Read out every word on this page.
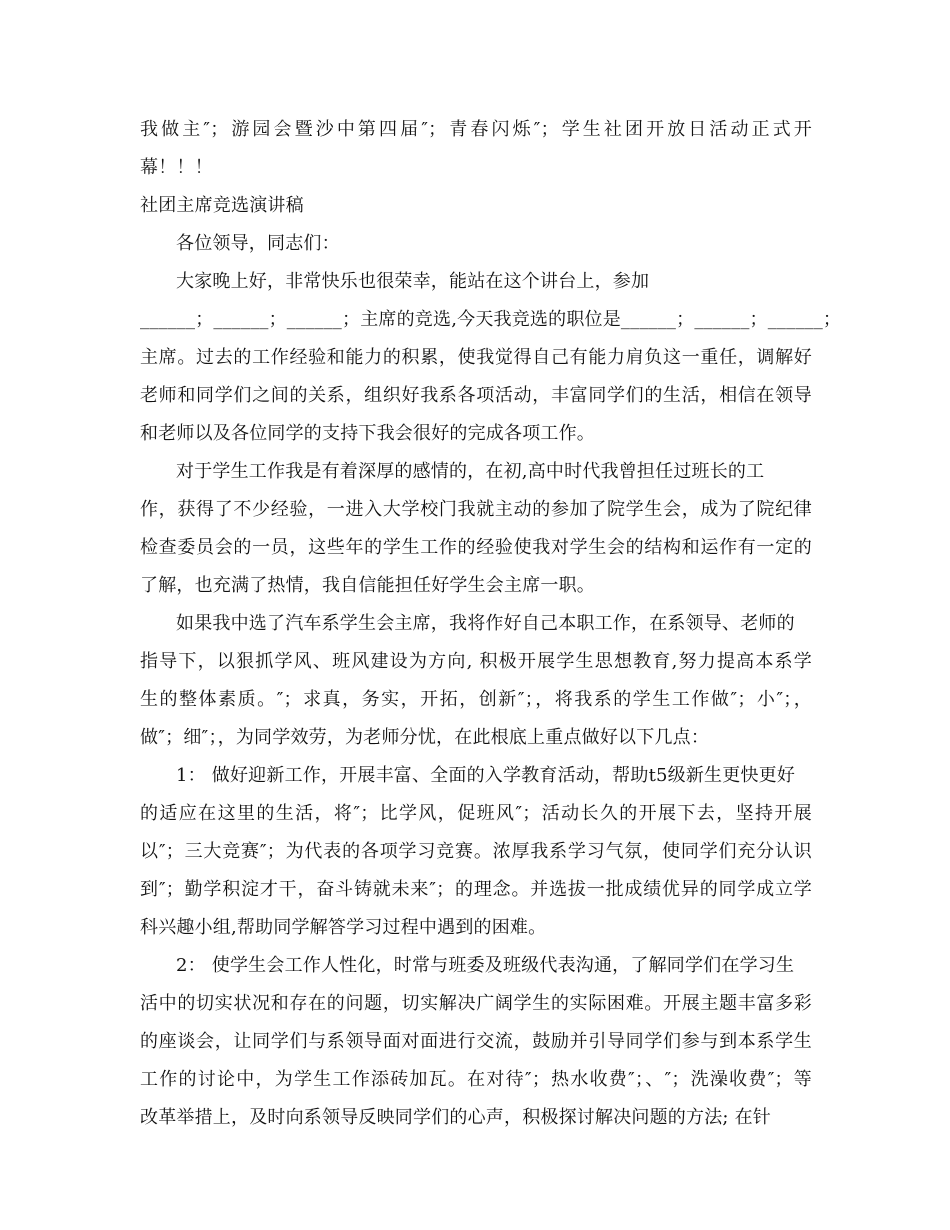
我做主″；游园会暨沙中第四届″；青春闪烁″；学生社团开放日活动正式开
幕！！！
社团主席竞选演讲稿
各位领导，同志们：
大家晚上好，非常快乐也很荣幸，能站在这个讲台上，参加
______；______；______；主席的竞选,今天我竞选的职位是______；______；______；
主席。过去的工作经验和能力的积累，使我觉得自己有能力肩负这一重任，调解好
老师和同学们之间的关系，组织好我系各项活动，丰富同学们的生活，相信在领导
和老师以及各位同学的支持下我会很好的完成各项工作。
对于学生工作我是有着深厚的感情的，在初,高中时代我曾担任过班长的工
作，获得了不少经验，一进入大学校门我就主动的参加了院学生会，成为了院纪律
检查委员会的一员，这些年的学生工作的经验使我对学生会的结构和运作有一定的
了解，也充满了热情，我自信能担任好学生会主席一职。
如果我中选了汽车系学生会主席，我将作好自己本职工作，在系领导、老师的
指导下，以狠抓学风、班风建设为方向, 积极开展学生思想教育,努力提高本系学
生的整体素质。″；求真，务实，开拓，创新″；，将我系的学生工作做″；小″；，
做″；细″；，为同学效劳，为老师分忧，在此根底上重点做好以下几点：
1： 做好迎新工作，开展丰富、全面的入学教育活动，帮助t5级新生更快更好
的适应在这里的生活，将″；比学风，促班风″；活动长久的开展下去，坚持开展
以″；三大竞赛″；为代表的各项学习竞赛。浓厚我系学习气氛，使同学们充分认识
到″；勤学积淀才干，奋斗铸就未来″；的理念。并选拔一批成绩优异的同学成立学
科兴趣小组,帮助同学解答学习过程中遇到的困难。
2： 使学生会工作人性化，时常与班委及班级代表沟通，了解同学们在学习生
活中的切实状况和存在的问题，切实解决广阔学生的实际困难。开展主题丰富多彩
的座谈会，让同学们与系领导面对面进行交流，鼓励并引导同学们参与到本系学生
工作的讨论中，为学生工作添砖加瓦。在对待″；热水收费″；、″；洗澡收费″；等
改革举措上，及时向系领导反映同学们的心声，积极探讨解决问题的方法; 在针
